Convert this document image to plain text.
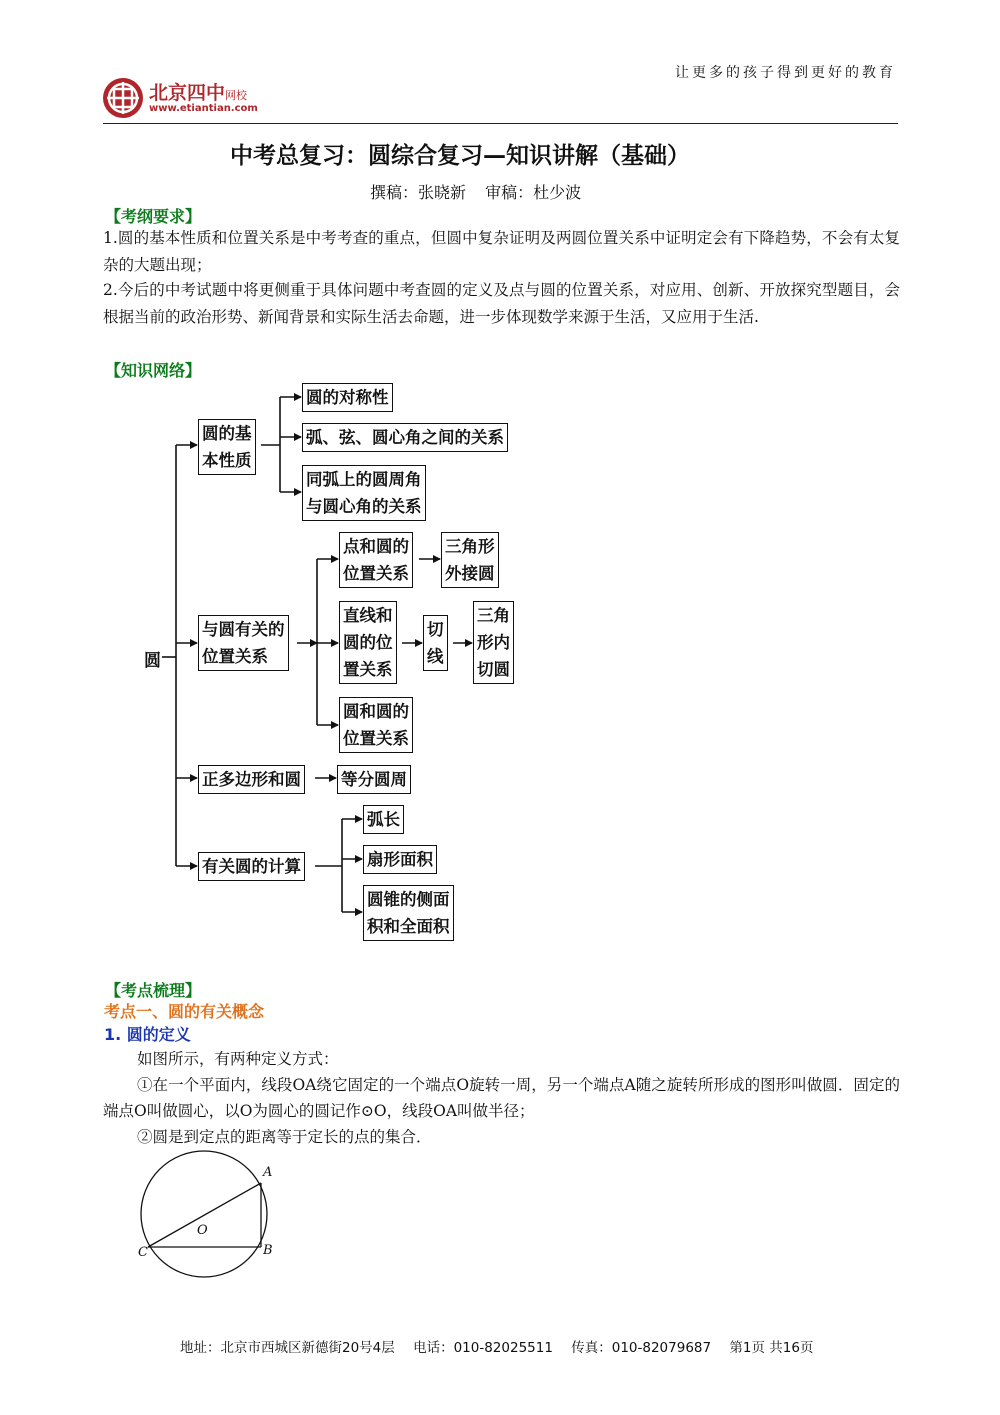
让更多的孩子得到更好的教育
北京四中网校
www.etiantian.com
中考总复习：圆综合复习—知识讲解（基础）
撰稿：张晓新 审稿：杜少波
【考纲要求】
1.圆的基本性质和位置关系是中考考查的重点，但圆中复杂证明及两圆位置关系中证明定会有下降趋势，不会有太复杂的大题出现；
2.今后的中考试题中将更侧重于具体问题中考查圆的定义及点与圆的位置关系，对应用、创新、开放探究型题目，会根据当前的政治形势、新闻背景和实际生活去命题，进一步体现数学来源于生活，又应用于生活.
【知识网络】
圆
圆的基
本性质
圆的对称性
弧、弦、圆心角之间的关系
同弧上的圆周角
与圆心角的关系
与圆有关的
位置关系
点和圆的
位置关系
三角形
外接圆
直线和
圆的位
置关系
切
线
三角
形内
切圆
圆和圆的
位置关系
正多边形和圆 等分圆周
有关圆的计算
弧长
扇形面积
圆锥的侧面
积和全面积
【考点梳理】
考点一、圆的有关概念
1. 圆的定义
如图所示，有两种定义方式：
①在一个平面内，线段OA绕它固定的一个端点O旋转一周，另一个端点A随之旋转所形成的图形叫做圆．固定的端点O叫做圆心，以O为圆心的圆记作⊙O，线段OA叫做半径；
②圆是到定点的距离等于定长的点的集合．
A
B
C
O
地址：北京市西城区新德街20号4层 电话：010-82025511 传真：010-82079687 第1页 共16页
